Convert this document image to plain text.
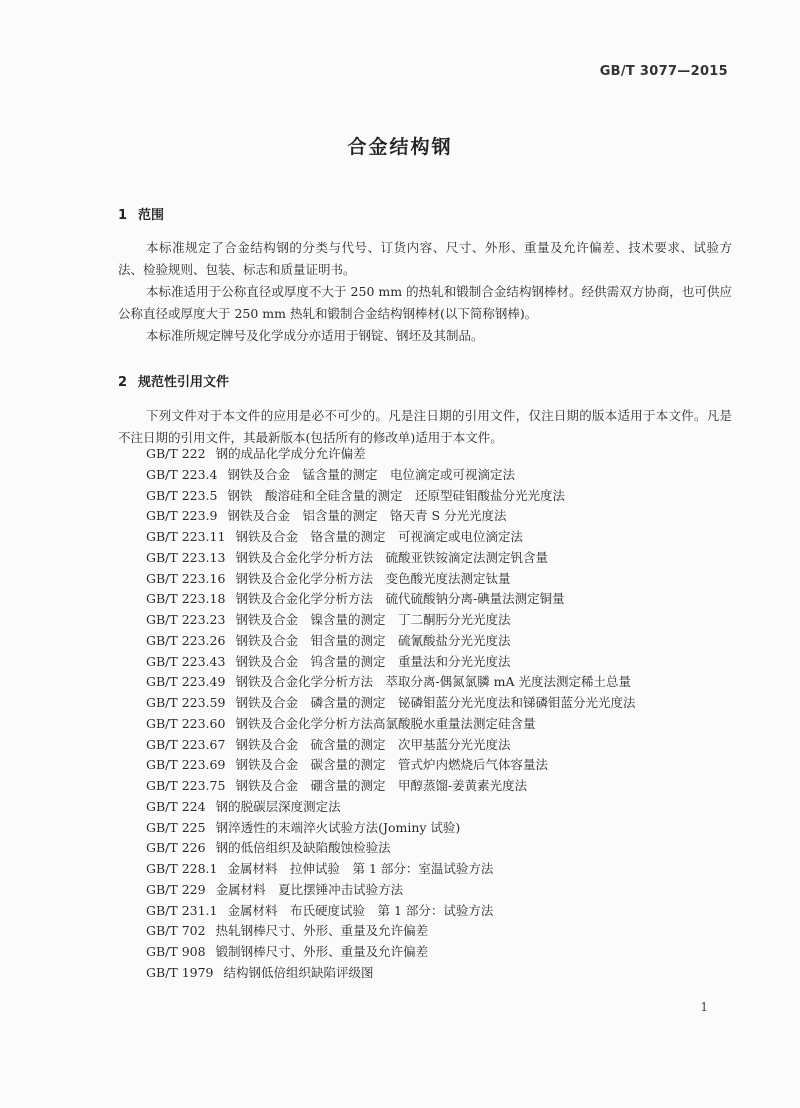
GB/T 3077—2015
合金结构钢
1 范围

本标准规定了合金结构钢的分类与代号、订货内容、尺寸、外形、重量及允许偏差、技术要求、试验方法、检验规则、包装、标志和质量证明书。

本标准适用于公称直径或厚度不大于 250 mm 的热轧和锻制合金结构钢棒材。经供需双方协商，也可供应公称直径或厚度大于 250 mm 热轧和锻制合金结构钢棒材(以下简称钢棒)。

本标准所规定牌号及化学成分亦适用于钢锭、钢坯及其制品。

2 规范性引用文件

下列文件对于本文件的应用是必不可少的。凡是注日期的引用文件，仅注日期的版本适用于本文件。凡是不注日期的引用文件，其最新版本(包括所有的修改单)适用于本文件。

GB/T 222 钢的成品化学成分允许偏差
GB/T 223.4 钢铁及合金　锰含量的测定　电位滴定或可视滴定法
GB/T 223.5 钢铁　酸溶硅和全硅含量的测定　还原型硅钼酸盐分光光度法
GB/T 223.9 钢铁及合金　铝含量的测定　铬天青 S 分光光度法
GB/T 223.11 钢铁及合金　铬含量的测定　可视滴定或电位滴定法
GB/T 223.13 钢铁及合金化学分析方法　硫酸亚铁铵滴定法测定钒含量
GB/T 223.16 钢铁及合金化学分析方法　变色酸光度法测定钛量
GB/T 223.18 钢铁及合金化学分析方法　硫代硫酸钠分离-碘量法测定铜量
GB/T 223.23 钢铁及合金　镍含量的测定　丁二酮肟分光光度法
GB/T 223.26 钢铁及合金　钼含量的测定　硫氰酸盐分光光度法
GB/T 223.43 钢铁及合金　钨含量的测定　重量法和分光光度法
GB/T 223.49 钢铁及合金化学分析方法　萃取分离-偶氮氯膦 mA 光度法测定稀土总量
GB/T 223.59 钢铁及合金　磷含量的测定　铋磷钼蓝分光光度法和锑磷钼蓝分光光度法
GB/T 223.60 钢铁及合金化学分析方法高氯酸脱水重量法测定硅含量
GB/T 223.67 钢铁及合金　硫含量的测定　次甲基蓝分光光度法
GB/T 223.69 钢铁及合金　碳含量的测定　管式炉内燃烧后气体容量法
GB/T 223.75 钢铁及合金　硼含量的测定　甲醇蒸馏-姜黄素光度法
GB/T 224 钢的脱碳层深度测定法
GB/T 225 钢淬透性的末端淬火试验方法(Jominy 试验)
GB/T 226 钢的低倍组织及缺陷酸蚀检验法
GB/T 228.1 金属材料　拉伸试验　第 1 部分：室温试验方法
GB/T 229 金属材料　夏比摆锤冲击试验方法
GB/T 231.1 金属材料　布氏硬度试验　第 1 部分：试验方法
GB/T 702 热轧钢棒尺寸、外形、重量及允许偏差
GB/T 908 锻制钢棒尺寸、外形、重量及允许偏差
GB/T 1979 结构钢低倍组织缺陷评级图
1
